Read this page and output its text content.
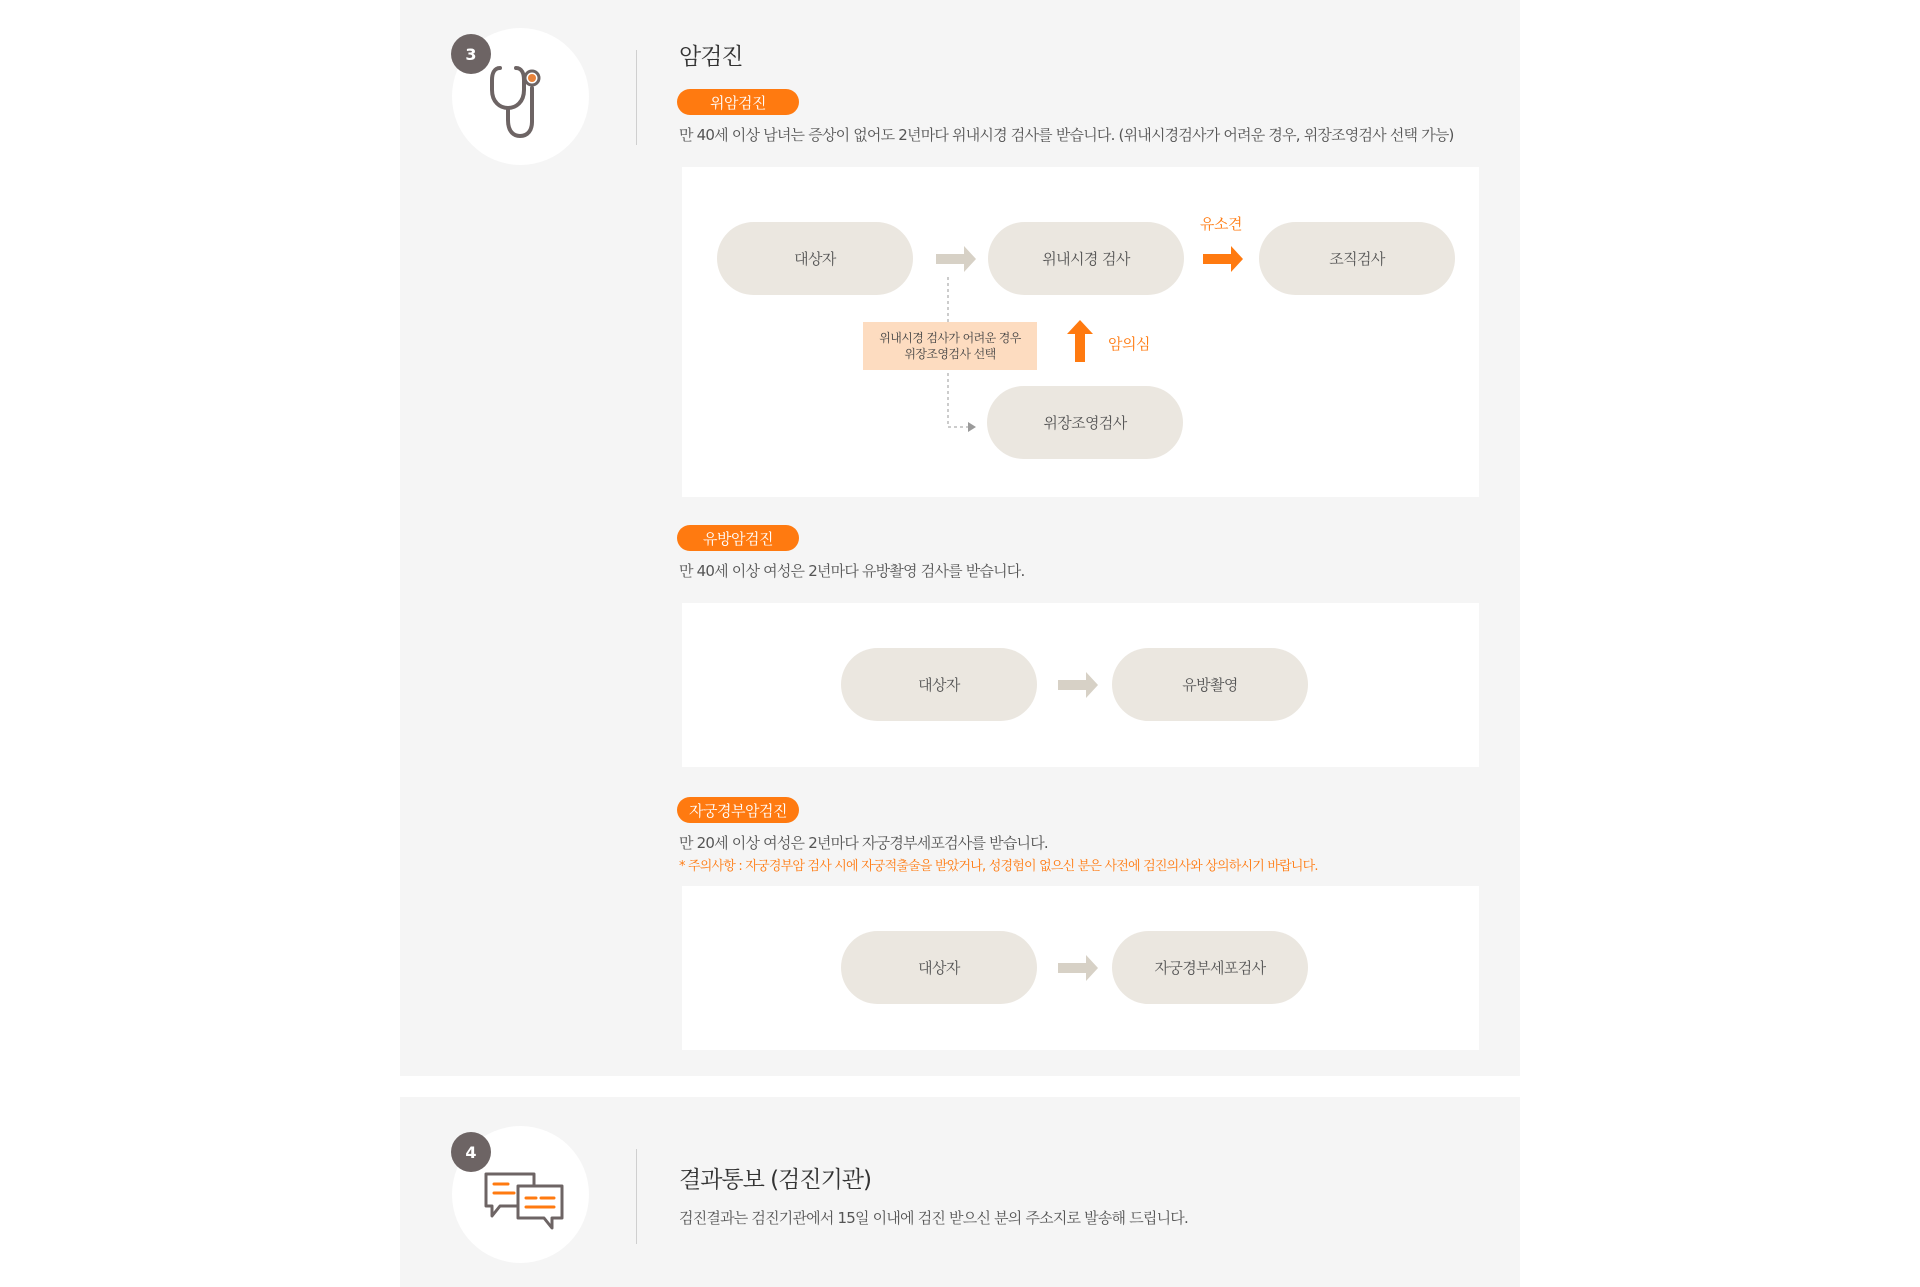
3	암검진
위암검진
만 40세 이상 남녀는 증상이 없어도 2년마다 위내시경 검사를 받습니다. (위내시경검사가 어려운 경우, 위장조영검사 선택 가능)
대상자	위내시경 검사
유소견
조직검사
위내시경 검사가 어려운 경우
위장조영검사 선택
암의심
위장조영검사
유방암검진
만 40세 이상 여성은 2년마다 유방촬영 검사를 받습니다.
대상자	유방촬영
자궁경부암검진
만 20세 이상 여성은 2년마다 자궁경부세포검사를 받습니다.
* 주의사항 : 자궁경부암 검사 시에 자궁적출술을 받았거나, 성경험이 없으신 분은 사전에 검진의사와 상의하시기 바랍니다.
대상자	자궁경부세포검사
4
결과통보 (검진기관)
검진결과는 검진기관에서 15일 이내에 검진 받으신 분의 주소지로 발송해 드립니다.
